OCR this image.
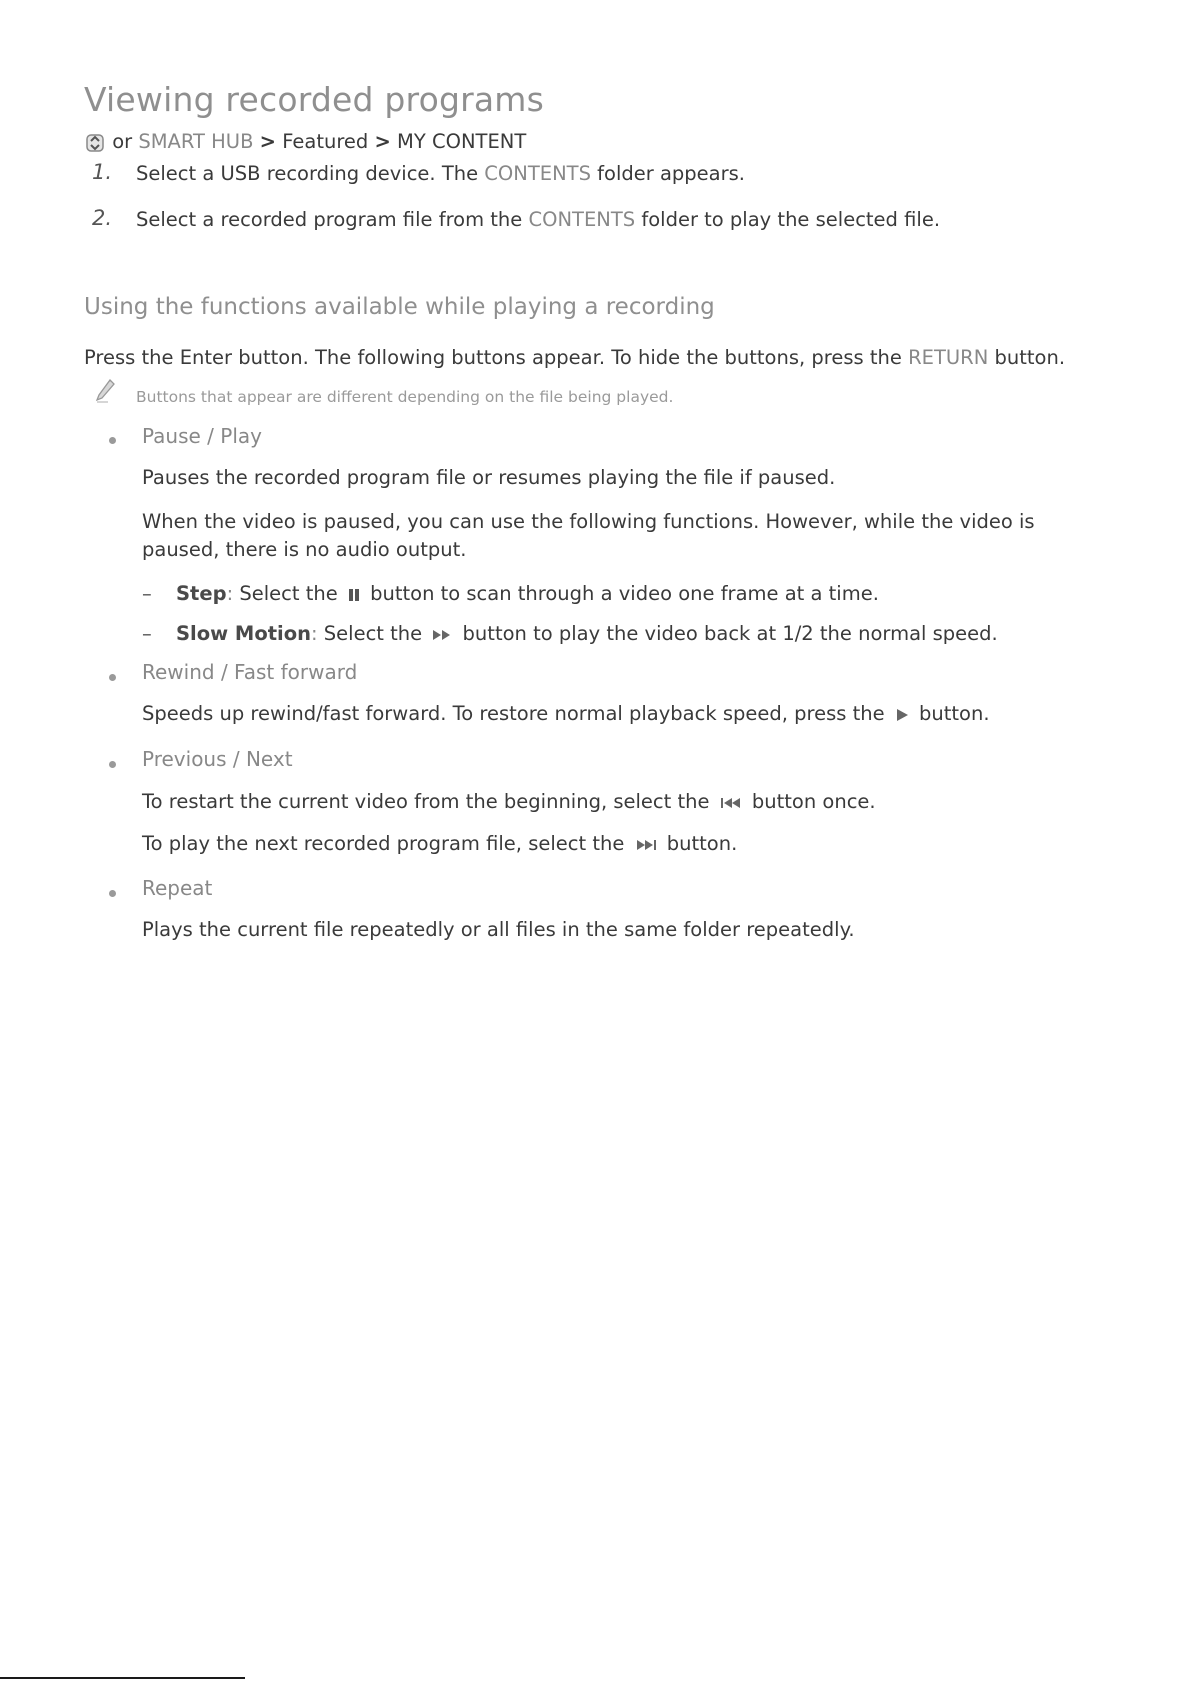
Viewing recorded programs
or SMART HUB > Featured > MY CONTENT
1. Select a USB recording device. The CONTENTS folder appears.
2. Select a recorded program file from the CONTENTS folder to play the selected file.
Using the functions available while playing a recording
Press the Enter button. The following buttons appear. To hide the buttons, press the RETURN button.
Buttons that appear are different depending on the file being played.
Pause / Play
Pauses the recorded program file or resumes playing the file if paused.
When the video is paused, you can use the following functions. However, while the video is
paused, there is no audio output.
– Step: Select the  button to scan through a video one frame at a time.
– Slow Motion: Select the  button to play the video back at 1/2 the normal speed.
Rewind / Fast forward
Speeds up rewind/fast forward. To restore normal playback speed, press the  button.
Previous / Next
To restart the current video from the beginning, select the  button once.
To play the next recorded program file, select the  button.
Repeat
Plays the current file repeatedly or all files in the same folder repeatedly.
